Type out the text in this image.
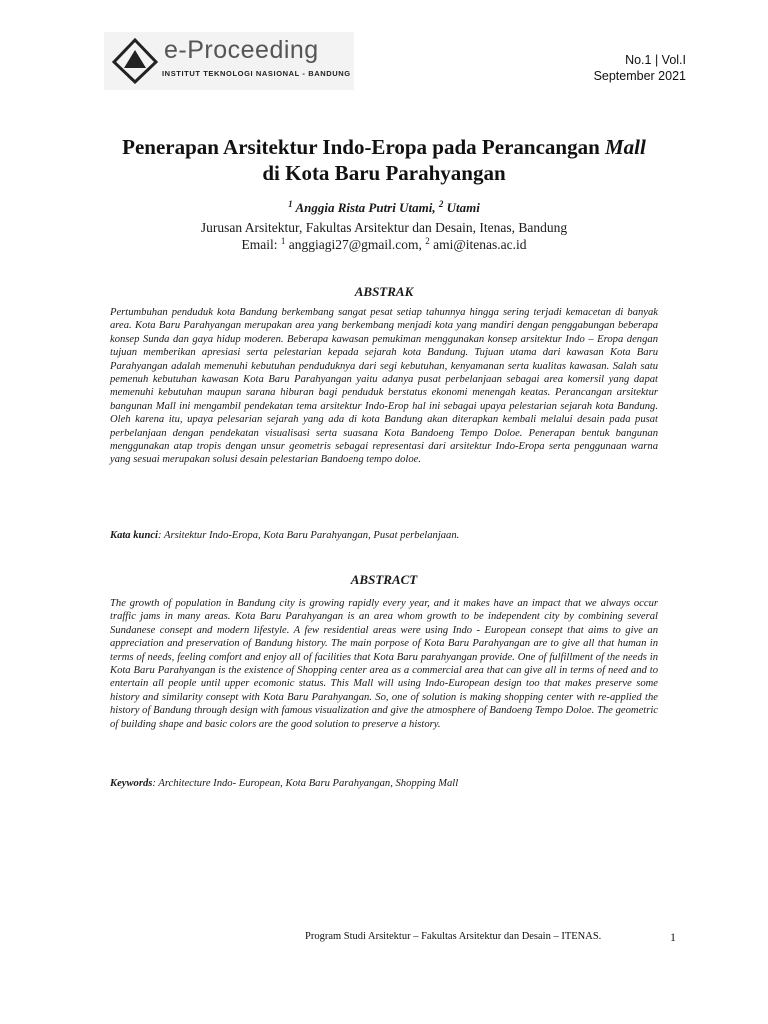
e-Proceeding
INSTITUT TEKNOLOGI NASIONAL - BANDUNG
No.1 | Vol.I
September 2021
Penerapan Arsitektur Indo-Eropa pada Perancangan Mall
di Kota Baru Parahyangan
$^1$ Anggia Rista Putri Utami, $^2$ Utami
Jurusan Arsitektur, Fakultas Arsitektur dan Desain, Itenas, Bandung
Email: $^1$ anggiagi27@gmail.com, $^2$ ami@itenas.ac.id
ABSTRAK
Pertumbuhan penduduk kota Bandung berkembang sangat pesat setiap tahunnya hingga sering terjadi kemacetan di banyak area. Kota Baru Parahyangan merupakan area yang berkembang menjadi kota yang mandiri dengan penggabungan beberapa konsep Sunda dan gaya hidup moderen. Beberapa kawasan pemukiman menggunakan konsep arsitektur Indo – Eropa dengan tujuan memberikan apresiasi serta pelestarian kepada sejarah kota Bandung. Tujuan utama dari kawasan Kota Baru Parahyangan adalah memenuhi kebutuhan penduduknya dari segi kebutuhan, kenyamanan serta kualitas kawasan. Salah satu pemenuh kebutuhan kawasan Kota Baru Parahyangan yaitu adanya pusat perbelanjaan sebagai area komersil yang dapat memenuhi kebutuhan maupun sarana hiburan bagi penduduk berstatus ekonomi menengah keatas. Perancangan arsitektur bangunan Mall ini mengambil pendekatan tema arsitektur Indo-Erop hal ini sebagai upaya pelestarian sejarah kota Bandung. Oleh karena itu, upaya pelesarian sejarah yang ada di kota Bandung akan diterapkan kembali melalui desain pada pusat perbelanjaan dengan pendekatan visualisasi serta suasana Kota Bandoeng Tempo Doloe. Penerapan bentuk bangunan menggunakan atap tropis dengan unsur geometris sebagai representasi dari arsitektur Indo-Eropa serta penggunaan warna yang sesuai merupakan solusi desain pelestarian Bandoeng tempo doloe.
Kata kunci: Arsitektur Indo-Eropa, Kota Baru Parahyangan, Pusat perbelanjaan.
ABSTRACT
The growth of population in Bandung city is growing rapidly every year, and it makes have an impact that we always occur traffic jams in many areas. Kota Baru Parahyangan is an area whom growth to be independent city by combining several Sundanese consept and modern lifestyle. A few residential areas were using Indo - European consept that aims to give an appreciation and preservation of Bandung history. The main porpose of Kota Baru Parahyangan are to give all that human in terms of needs, feeling comfort and enjoy all of facilities that Kota Baru parahyangan provide. One of fulfillment of the needs in Kota Baru Parahyangan is the existence of Shopping center area as a commercial area that can give all in terms of need and to entertain all people until upper ecomonic status. This Mall will using Indo-European design too that makes preserve some history and similarity consept with Kota Baru Parahyangan. So, one of solution is making shopping center with re-applied the history of Bandung through design with famous visualization and give the atmosphere of Bandoeng Tempo Doloe. The geometric of building shape and basic colors are the good solution to preserve a history.
Keywords: Architecture Indo- European, Kota Baru Parahyangan, Shopping Mall
Program Studi Arsitektur – Fakultas Arsitektur dan Desain – ITENAS.	1
